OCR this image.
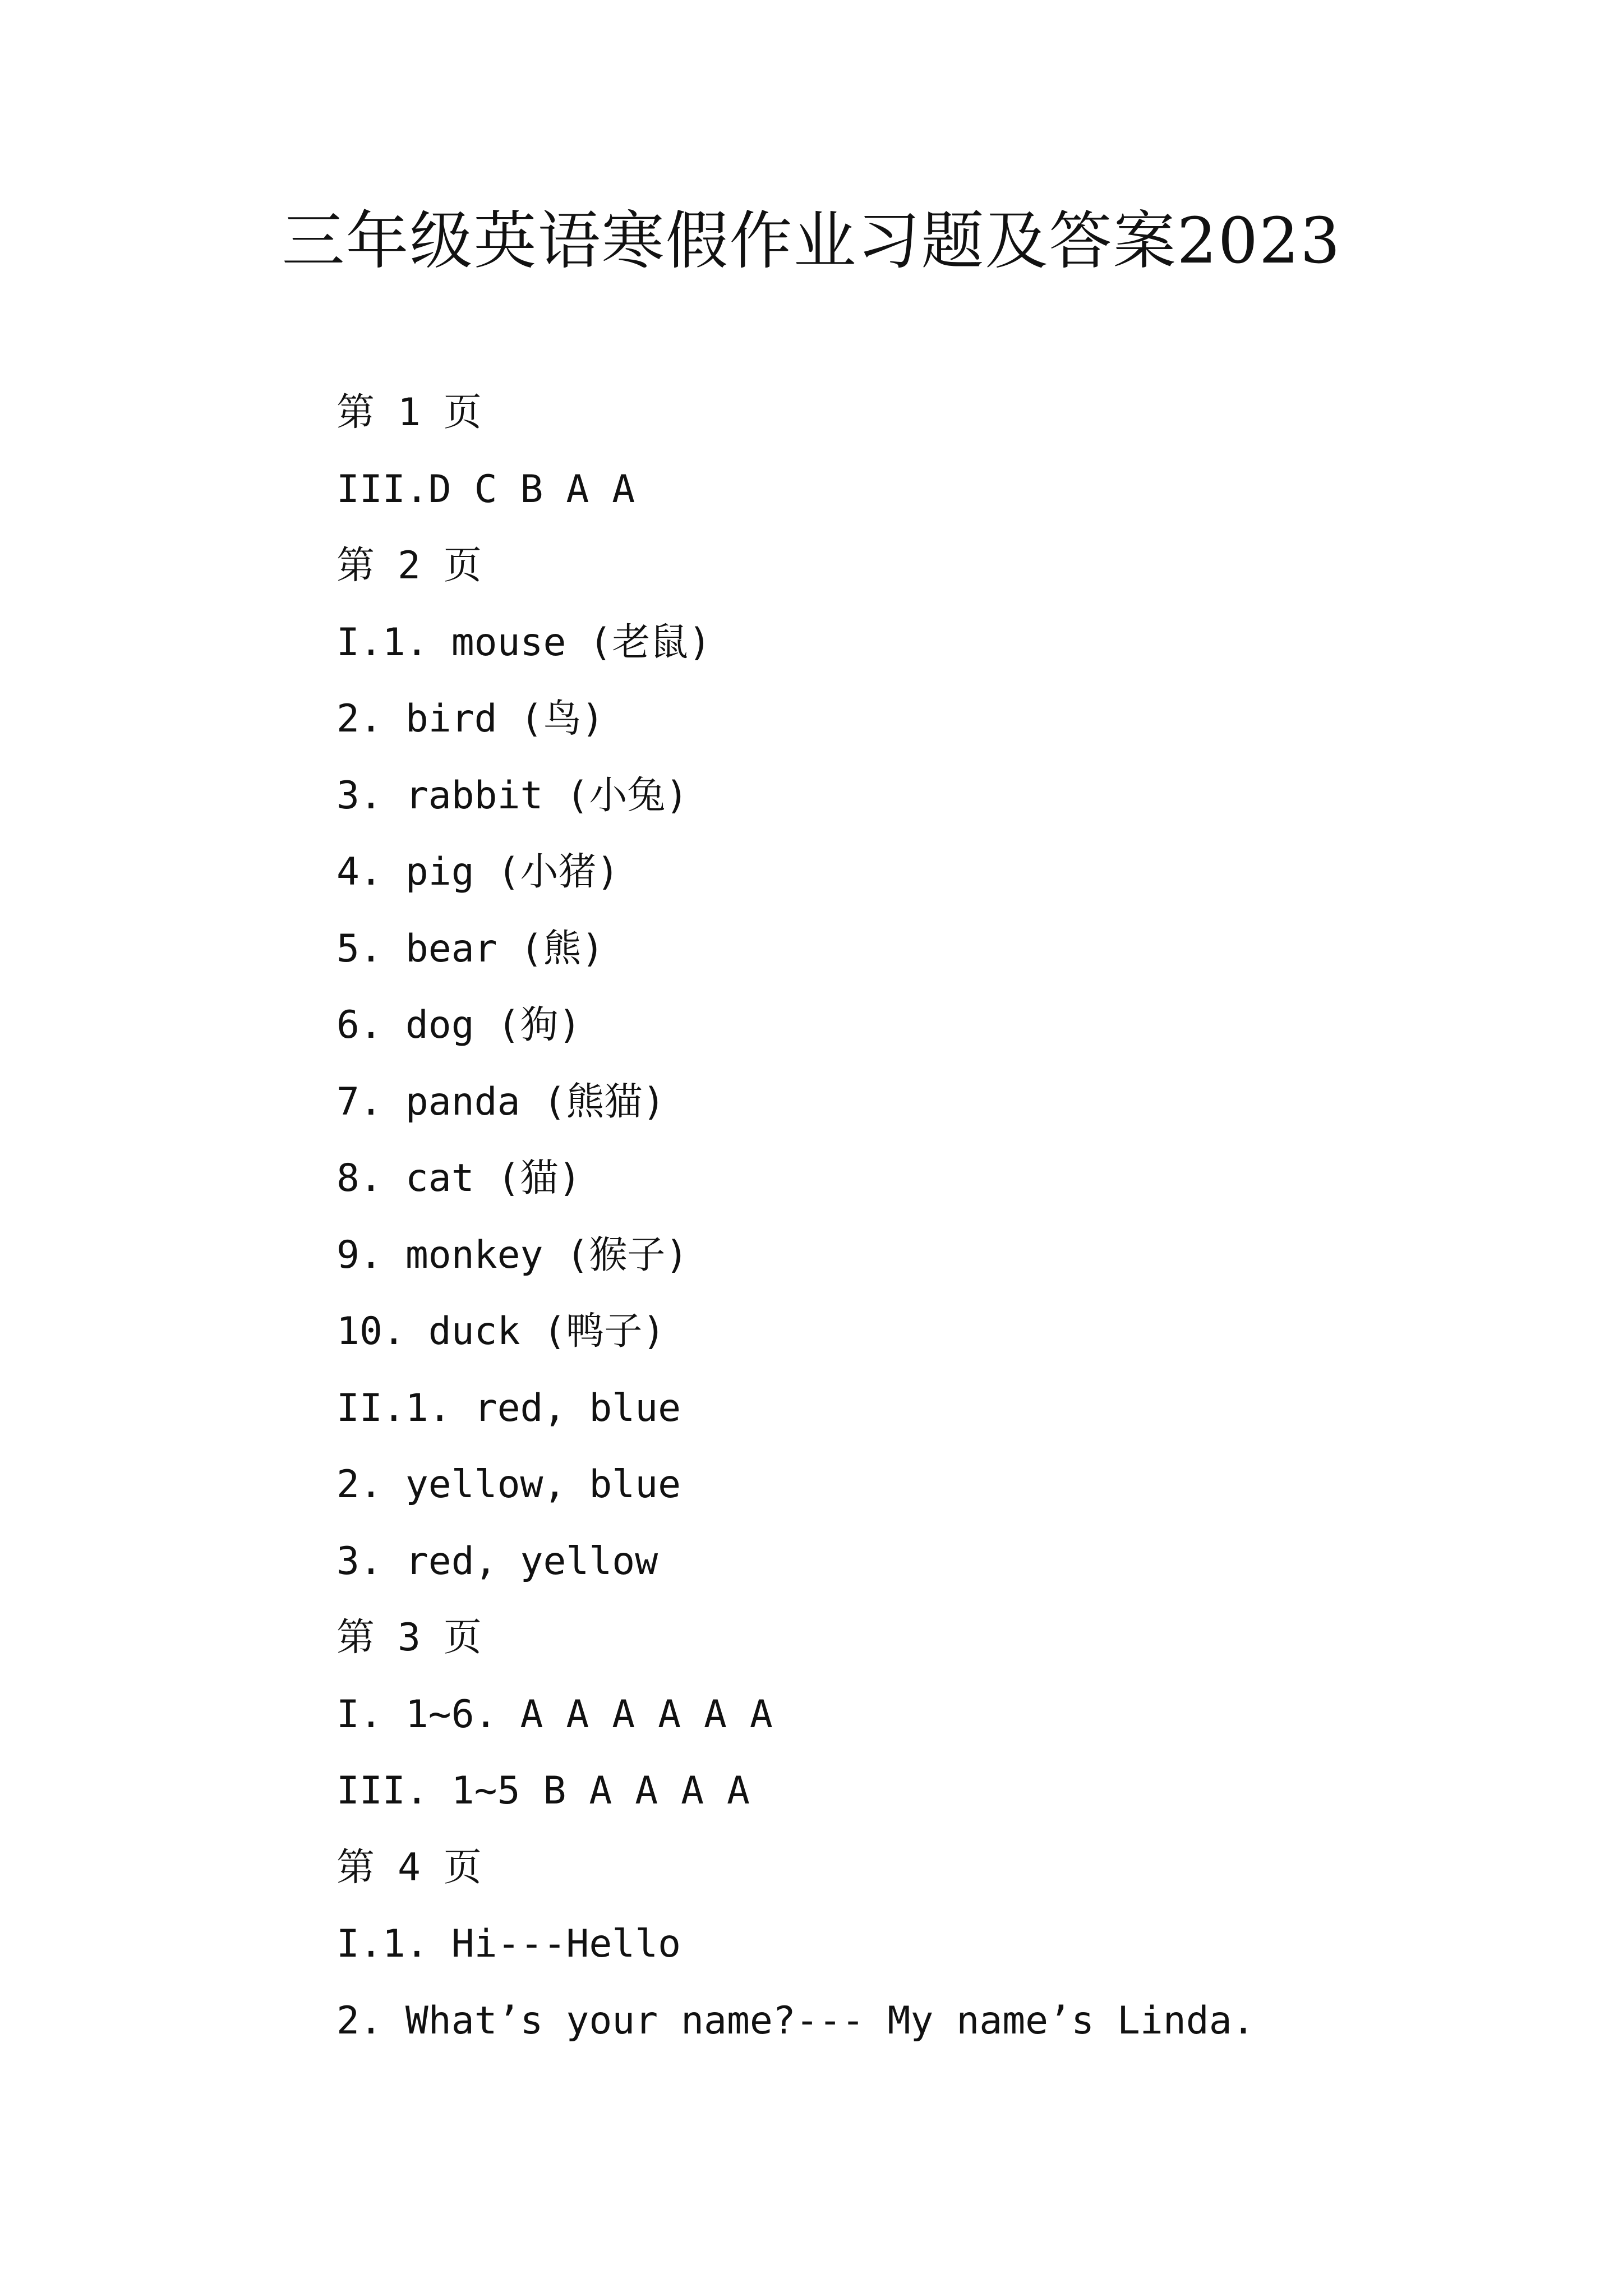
三年级英语寒假作业习题及答案2023
第 1 页
III.D C B A A
第 2 页
I.1. mouse (老鼠)
2. bird (鸟)
3. rabbit (小兔)
4. pig (小猪)
5. bear (熊)
6. dog (狗)
7. panda (熊猫)
8. cat (猫)
9. monkey (猴子)
10. duck (鸭子)
II.1. red, blue
2. yellow, blue
3. red, yellow
第 3 页
I. 1~6. A A A A A A
III. 1~5 B A A A A
第 4 页
I.1. Hi---Hello
2. What’s your name?--- My name’s Linda.
